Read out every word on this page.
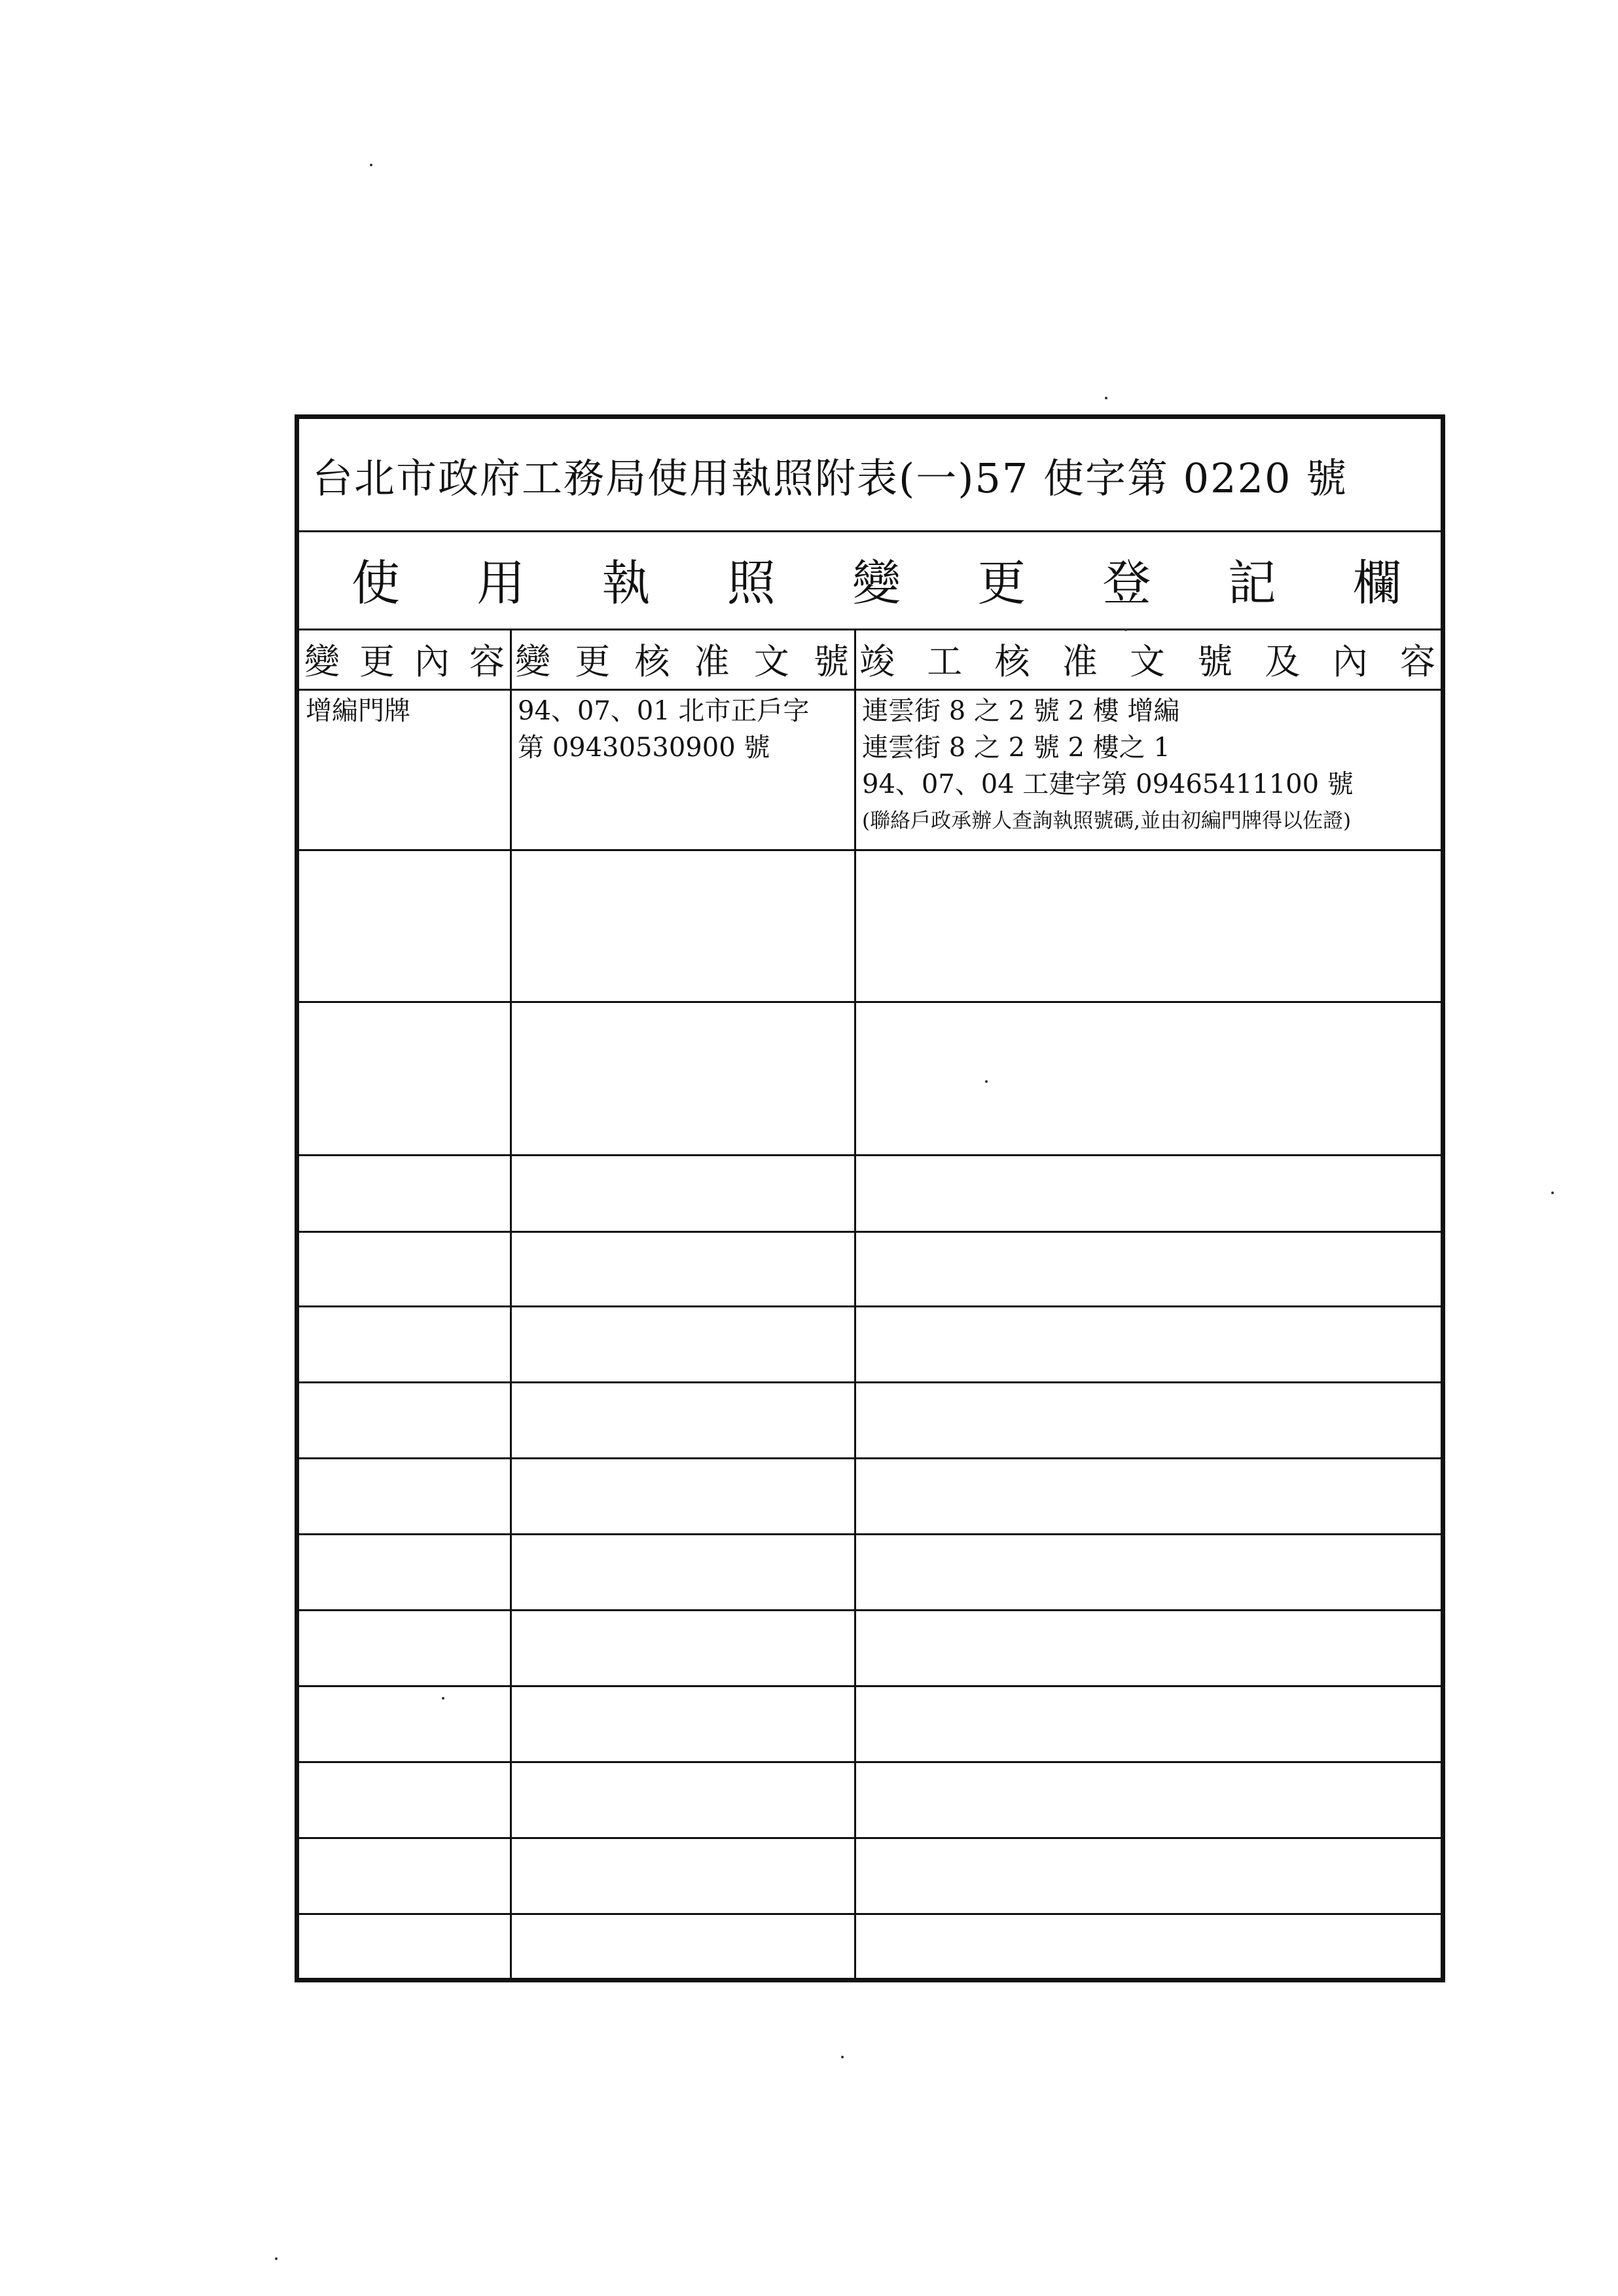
台北市政府工務局使用執照附表(一)57 使字第 0220 號
使 用 執 照 變 更 登 記 欄
變 更 內 容 變 更 核 准 文 號 竣 工 核 准 文 號 及 內 容
增編門牌	94、07、01 北市正戶字
第 09430530900 號
連雲街 8 之 2 號 2 樓 增編
連雲街 8 之 2 號 2 樓之 1
94、07、04 工建字第 09465411100 號
(聯絡戶政承辦人查詢執照號碼,並由初編門牌得以佐證)
